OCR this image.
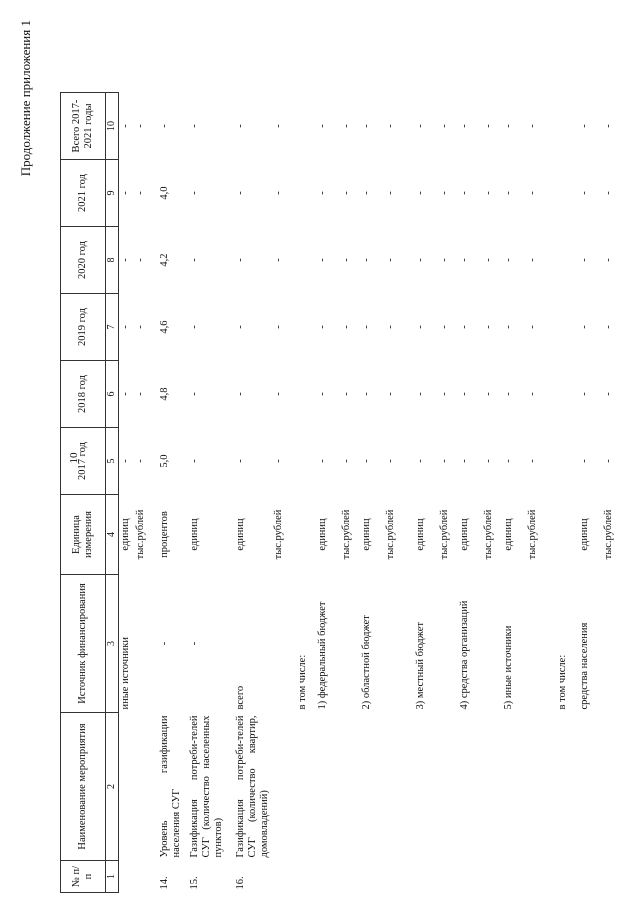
10
Продолжение приложения 1
№ п/п	Наименование мероприятия	Источник финансирования	Единица измерения	2017 год	2018 год	2019 год	2020 год	2021 год	Всего 2017-2021 годы
1	2	3	4	5	6	7	8	9	10
		иные источники	единиц	-	-	-	-	-	-
			тыс.рублей	-	-	-	-	-	-
14.	Уровень газификации населения СУГ	-	процентов	5,0	4,8	4,6	4,2	4,0	-
15.	Газификация потреби-телей СУГ (количество населенных пунктов)	-	единиц	-	-	-	-	-	-
16.	Газификация потреби-телей СУГ (количество квартир, домовладений)	всего	единиц	-	-	-	-	-	-
			тыс.рублей	-	-	-	-	-	-
		в том числе:							
		1) федеральный бюджет	единиц	-	-	-	-	-	-
			тыс.рублей	-	-	-	-	-	-
		2) областной бюджет	единиц	-	-	-	-	-	-
			тыс.рублей	-	-	-	-	-	-
		3) местный бюджет	единиц	-	-	-	-	-	-
			тыс.рублей	-	-	-	-	-	-
		4) средства организаций	единиц	-	-	-	-	-	-
			тыс.рублей	-	-	-	-	-	-
		5) иные источники	единиц	-	-	-	-	-	-
			тыс.рублей	-	-	-	-	-	-
		в том числе:							
		средства населения	единиц	-	-	-	-	-	-
			тыс.рублей	-	-	-	-	-	-
